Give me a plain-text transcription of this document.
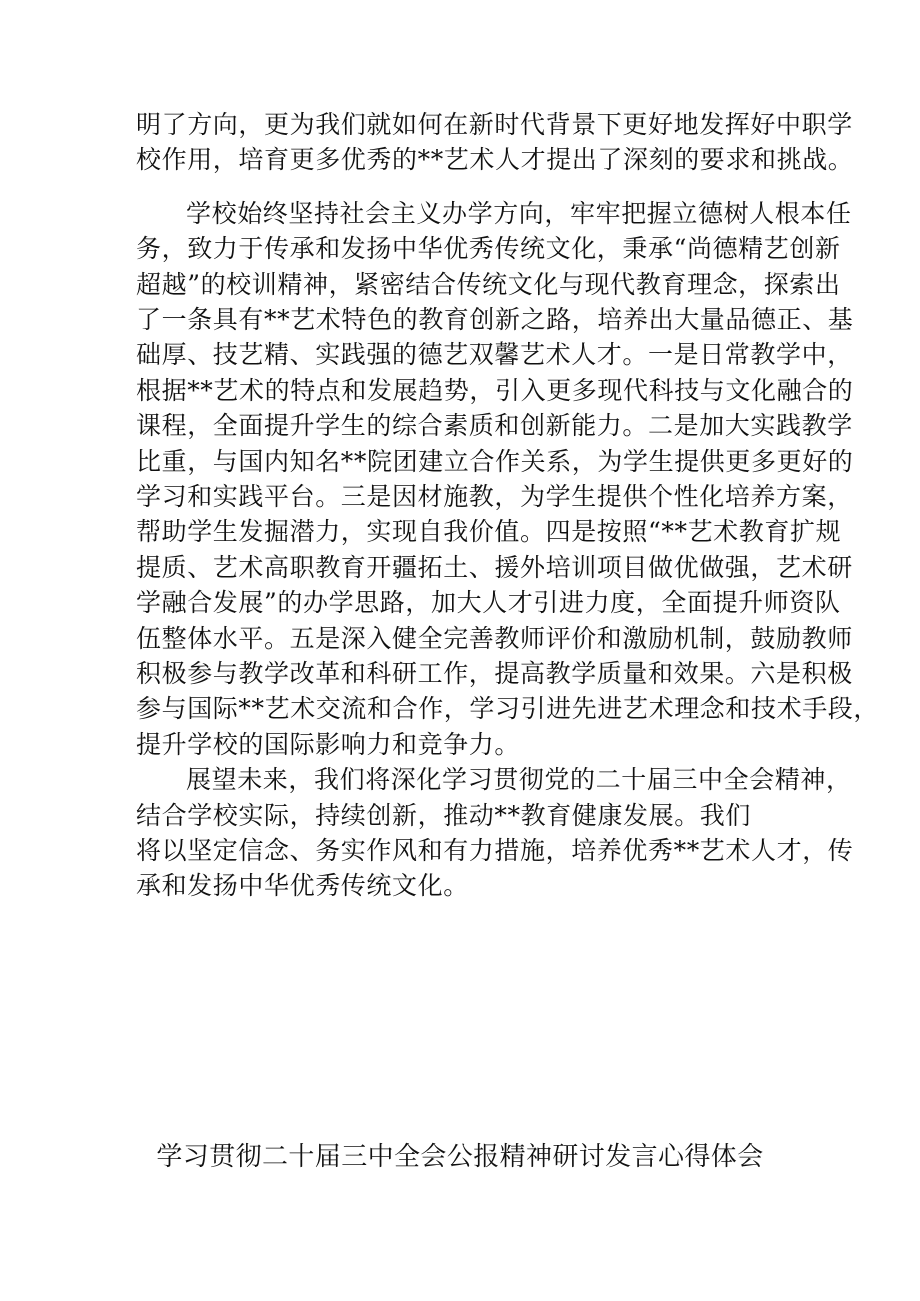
明了方向，更为我们就如何在新时代背景下更好地发挥好中职学
校作用，培育更多优秀的**艺术人才提出了深刻的要求和挑战。
学校始终坚持社会主义办学方向，牢牢把握立德树人根本任
务，致力于传承和发扬中华优秀传统文化，秉承“尚德精艺创新
超越”的校训精神，紧密结合传统文化与现代教育理念，探索出
了一条具有**艺术特色的教育创新之路，培养出大量品德正、基
础厚、技艺精、实践强的德艺双馨艺术人才。一是日常教学中，
根据**艺术的特点和发展趋势，引入更多现代科技与文化融合的
课程，全面提升学生的综合素质和创新能力。二是加大实践教学
比重，与国内知名**院团建立合作关系，为学生提供更多更好的
学习和实践平台。三是因材施教，为学生提供个性化培养方案，
帮助学生发掘潜力，实现自我价值。四是按照“**艺术教育扩规
提质、艺术高职教育开疆拓土、援外培训项目做优做强，艺术研
学融合发展”的办学思路，加大人才引进力度，全面提升师资队
伍整体水平。五是深入健全完善教师评价和激励机制，鼓励教师
积极参与教学改革和科研工作，提高教学质量和效果。六是积极
参与国际**艺术交流和合作，学习引进先进艺术理念和技术手段，
提升学校的国际影响力和竞争力。
展望未来，我们将深化学习贯彻党的二十届三中全会精神，
结合学校实际，持续创新，推动**教育健康发展。我们
将以坚定信念、务实作风和有力措施，培养优秀**艺术人才，传
承和发扬中华优秀传统文化。
学习贯彻二十届三中全会公报精神研讨发言心得体会
